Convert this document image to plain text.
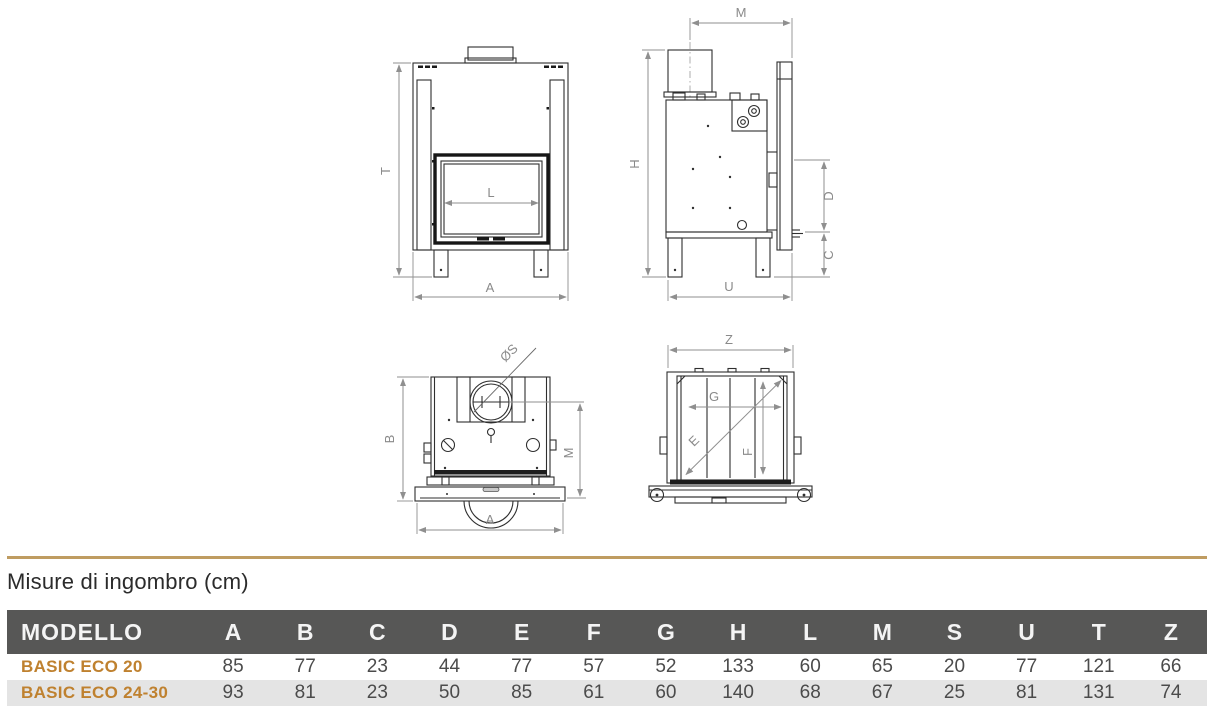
T
L
A
M
H
D
C
U
ØS
B
M
A
Z
G
E
F
Misure di ingombro (cm)
MODELLO	A	B	C	D	E	F	G	H	L	M	S	U	T	Z
BASIC ECO 20	85	77	23	44	77	57	52	133	60	65	20	77	121	66
BASIC ECO 24-30	93	81	23	50	85	61	60	140	68	67	25	81	131	74
